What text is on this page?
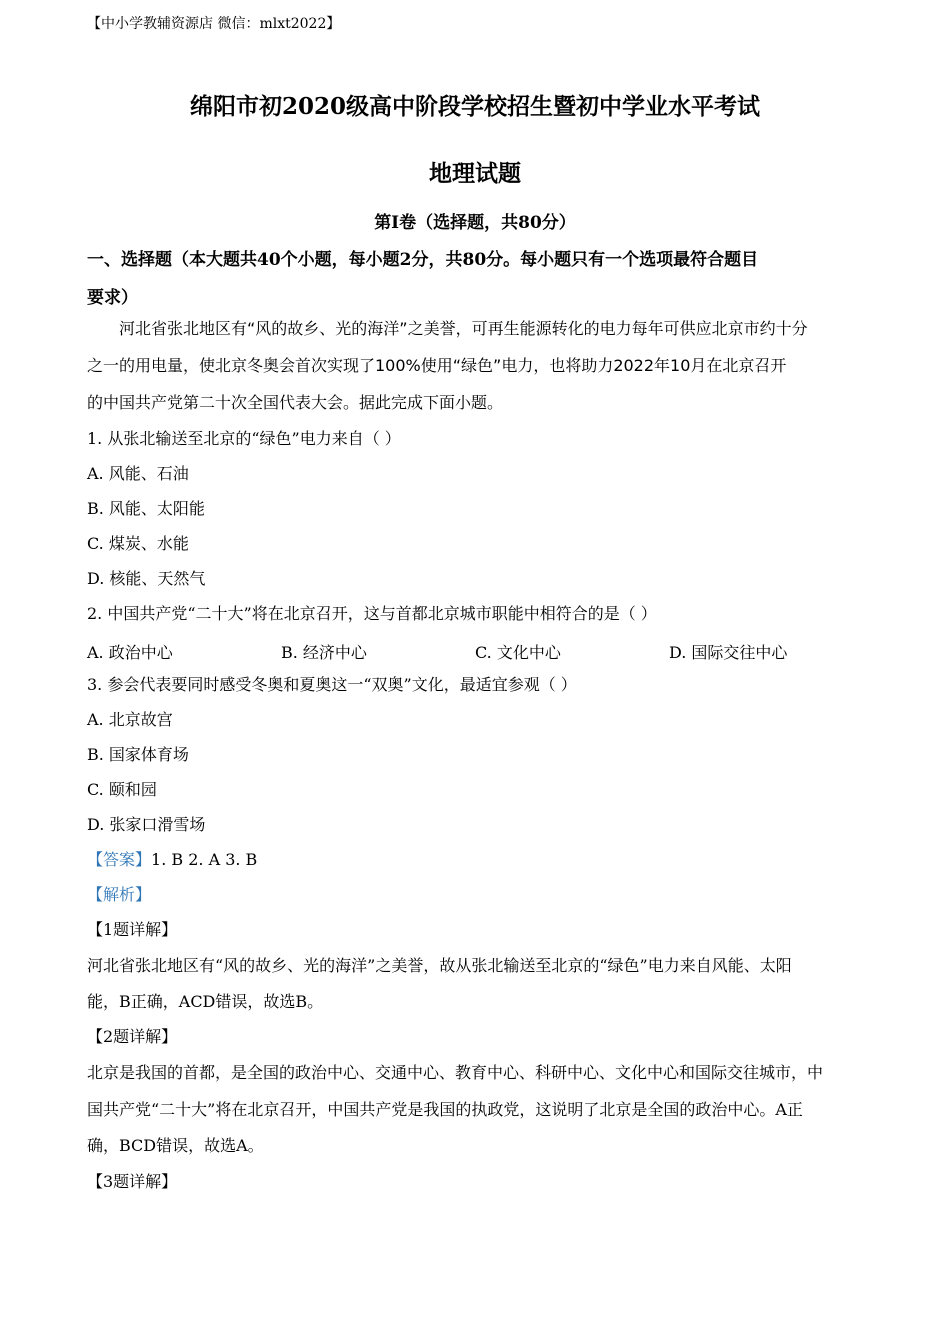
【中小学教辅资源店 微信：mlxt2022】
绵阳市初2020级高中阶段学校招生暨初中学业水平考试
地理试题
第Ⅰ卷（选择题，共80分）
一、选择题（本大题共40个小题，每小题2分，共80分。每小题只有一个选项最符合题目
要求）
河北省张北地区有“风的故乡、光的海洋”之美誉，可再生能源转化的电力每年可供应北京市约十分
之一的用电量，使北京冬奥会首次实现了100%使用“绿色”电力，也将助力2022年10月在北京召开
的中国共产党第二十次全国代表大会。据此完成下面小题。
1. 从张北输送至北京的“绿色”电力来自（ ）
A. 风能、石油
B. 风能、太阳能
C. 煤炭、水能
D. 核能、天然气
2. 中国共产党“二十大”将在北京召开，这与首都北京城市职能中相符合的是（ ）
A. 政治中心	B. 经济中心	C. 文化中心	D. 国际交往中心
3. 参会代表要同时感受冬奥和夏奥这一“双奥”文化，最适宜参观（ ）
A. 北京故宫
B. 国家体育场
C. 颐和园
D. 张家口滑雪场
【答案】1. B 2. A 3. B
【解析】
【1题详解】
河北省张北地区有“风的故乡、光的海洋”之美誉，故从张北输送至北京的“绿色”电力来自风能、太阳
能，B正确，ACD错误，故选B。
【2题详解】
北京是我国的首都，是全国的政治中心、交通中心、教育中心、科研中心、文化中心和国际交往城市，中
国共产党“二十大”将在北京召开，中国共产党是我国的执政党，这说明了北京是全国的政治中心。A正
确，BCD错误，故选A。
【3题详解】
